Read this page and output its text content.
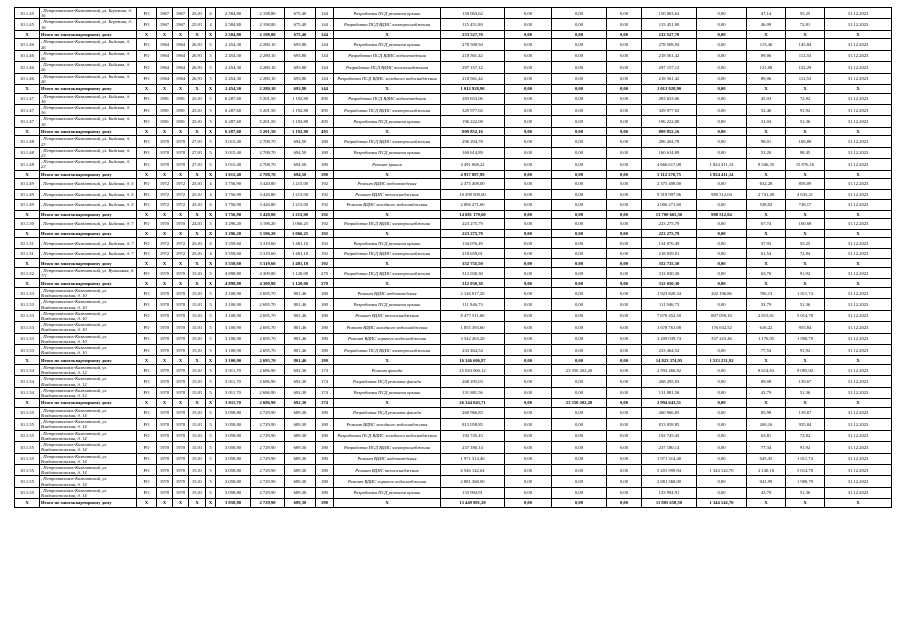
10.1.45	, Петропавловск-Камчатский, ул. Березина, д. 16	РО	1967	1967	25,01	4	2 584,80	2 198,80	675,40	144	Разработка ПСД ремонта крыши	150 063,62	0,00	0,00	0,00	150 063,62	0,00	47,14	55,25	31.12.2023
10.1.45	, Петропавловск-Камчатский, ул. Березина, д. 16	РО	1967	1967	25,01	4	2 584,80	2 198,80	675,40	144	Разработка ПСД ВДИС электроснабжения	115 451,80	0,00	0,00	0,00	115 451,80	0,00	46,09	72,81	31.12.2023
X	Итого по многоквартирному дому	X	X	X	X	X	2 584,80	2 198,80	675,40	144	X	233 527,70	0,00	0,00	0,00	233 527,70	0,00	X	X	X
10.1.46	, Петропавловск-Камчатский, ул. Бийская, д. 26	РО	1964	1964	26,91	5	2 454,30	2 280,10	693,80	144	Разработка ПСД ремонта крыши	278 508,94	0,00	0,00	0,00	278 508,94	0,00	115,46	145,84	31.12.2023
10.1.46	, Петропавловск-Камчатский, ул. Бийская, д. 26	РО	1964	1964	26,91	5	2 454,30	2 280,10	693,80	144	Разработка ПСД ВДИС водоотведения	218 561,42	0,00	0,00	0,00	218 561,42	0,00	89,06	112,53	31.12.2023
10.1.46	, Петропавловск-Камчатский, ул. Бийская, д. 26	РО	1964	1964	26,91	5	2 454,30	2 280,10	693,80	144	Разработка ПСД ВДИС теплоснабжения	297 157,12	0,00	0,00	0,00	297 157,12	0,00	121,08	152,29	31.12.2023
10.1.46	, Петропавловск-Камчатский, ул. Бийская, д. 26	РО	1964	1964	26,91	5	2 454,30	2 280,10	693,80	144	Разработка ПСД ВДИС холодного водоснабжения	218 561,42	0,00	0,00	0,00	218 561,42	0,00	89,06	112,53	31.12.2023
X	Итого по многоквартирному дому	X	X	X	X	X	2 454,30	2 280,10	693,80	144	X	1 012 928,90	0,00	0,00	0,00	1 012 928,90	0,00	X	X	X
10.1.47	, Петропавловск-Камчатский, ул. Бийская, д. 16	РО	1981	1981	25,01	5	6 287,60	5 201,50	1 192,80	495	Разработка ПСД ВДИС водоотведения	283 653,06	0,00	0,00	0,00	283 653,06	0,00	45,03	72,82	31.12.2023
10.1.47	, Петропавловск-Камчатский, ул. Бийская, д. 16	РО	1981	1981	25,01	5	6 287,60	5 201,50	1 192,80	495	Разработка ПСД ВДИС электроснабжения	329 977,02	0,00	0,00	0,00	329 977,02	0,00	52,46	91,92	31.12.2023
10.1.47	, Петропавловск-Камчатский, ул. Бийская, д. 16	РО	1981	1981	25,01	5	6 287,60	5 201,50	1 192,80	495	Разработка ПСД ремонта крыши	196 222,08	0,00	0,00	0,00	196 222,08	0,00	31,04	51,36	31.12.2023
X	Итого по многоквартирному дому	X	X	X	X	X	6 287,60	5 201,50	1 192,80	495	X	809 852,16	0,00	0,00	0,00	809 852,16	0,00	X	X	X
10.1.48	, Петропавловск-Камчатский, ул. Бийская, д. 23	РО	1970	1970	27,01	5	3 015,40	2 708,70	694,50	180	Разработка ПСД ВДИС электроснабжения	296 204,78	0,00	0,00	0,00	296 204,78	0,00	98,01	106,88	31.12.2023
10.1.48	, Петропавловск-Камчатский, ул. Бийская, д. 23	РО	1970	1970	27,01	5	3 015,40	2 708,70	694,50	180	Разработка ПСД ремонта крыши	160 614,89	0,00	0,00	0,00	160 614,89	0,00	53,20	98,45	31.12.2023
10.1.48	, Петропавловск-Камчатский, ул. Бийская, д. 23	РО	1970	1970	27,01	5	3 015,40	2 708,70	694,50	180	Ремонт крыши	4 491 068,22	0,00	0,00	0,00	4 666 617,08	1 824 411,14	8 346,35	15 976,16	31.12.2023
X	Итого по многоквартирному дому	X	X	X	X	X	3 015,40	2 708,70	694,50	180	X	4 937 887,89	0,00	0,00	0,00	5 112 276,75	1 824 411,14	X	X	X
10.1.49	, Петропавловск-Камчатский, ул. Бийская, д. 5	РО	1972	1972	25,01	4	3 756,90	3 420,80	1 215,00	192	Ремонт ВДИС водоотведения	2 375 408,00	0,00	0,00	0,00	2 375 408,00	0,00	632,28	858,09	31.12.2023
10.1.49	, Петропавловск-Камчатский, ул. Бийская, д. 5	РО	1972	1972	25,01	4	3 756,90	3 420,80	1 215,00	192	Ремонт ВДИС теплоснабжения	10 299 500,00	0,00	0,00	0,00	9 318 997,96	980 512,04	2 741,49	4 635,21	31.12.2023
10.1.49	, Петропавловск-Камчатский, ул. Бийская, д. 5	РО	1972	1972	25,01	4	3 756,90	3 420,80	1 215,00	192	Ремонт ВДИС холодного водоснабжения	2 006 271,60	0,00	0,00	0,00	2 006 271,60	0,00	538,02	728,17	31.12.2023
X	Итого по многоквартирному дому	X	X	X	X	X	3 756,90	3 420,80	1 215,00	192	X	14 681 179,60	0,00	0,00	0,00	13 700 665,56	980 512,04	X	X	X
10.1.50	, Петропавловск-Камчатский, ул. Бийская, д. 7	РО	1970	1970	24,01	5	3 296,20	3 196,20	1 066,25	192	Разработка ПСД ВДИС электроснабжения	223 275,79	0,00	0,00	0,00	223 275,79	0,00	67,74	160,68	31.12.2023
X	Итого по многоквартирному дому	X	X	X	X	X	3 296,20	3 196,20	1 066,25	192	X	223 275,79	0,00	0,00	0,00	223 275,79	0,00	X	X	X
10.1.51	, Петропавловск-Камчатский, ул. Бийская, д. 7	РО	1972	1972	25,01	4	3 559,60	3 319,60	1 481,10	192	Разработка ПСД ремонта крыши	134 076,49	0,00	0,00	0,00	134 076,49	0,00	37,93	55,25	31.12.2023
10.1.51	, Петропавловск-Камчатский, ул. Бийская, д. 7	РО	1972	1972	25,01	4	3 559,60	3 319,60	1 481,10	192	Разработка ПСД ВДИС электроснабжения	218 659,01	0,00	0,00	0,00	218 659,01	0,00	61,54	72,84	31.12.2023
X	Итого по многоквартирному дому	X	X	X	X	X	3 559,60	3 319,60	1 481,10	192	X	352 735,50	0,00	0,00	0,00	352 735,50	0,00	X	X	X
10.1.52	, Петропавловск-Камчатский, ул. Вулканная, д. 7/1	РО	1970	1970	15,01	5	4 898,80	4 309,80	1 120,00	270	Разработка ПСД ВДИС электроснабжения	312 030,30	0,00	0,00	0,00	312 030,30	0,00	63,70	91,92	31.12.2023
X	Итого по многоквартирному дому	X	X	X	X	X	4 898,80	4 309,80	1 120,00	270	X	312 030,30	0,00	0,00	0,00	312 030,30	0,00	X	X	X
10.1.53	, Петропавловск-Камчатский, ул. Владивостокская, д. 10	РО	1970	1970	15,01	5	3 100,90	2 695,70	801,46	180	Ремонт ВДИС водоотведения	2 126 017,20	0,00	0,00	0,00	1 923 820,34	202 196,86	706,13	1 011,74	31.12.2023
10.1.53	, Петропавловск-Камчатский, ул. Владивостокская, д. 10	РО	1970	1970	15,01	5	3 100,90	2 695,70	801,46	180	Разработка ПСД ремонта крыши	111 946,73	0,00	0,00	0,00	111 946,73	0,00	33,79	51,36	31.12.2023
10.1.53	, Петропавловск-Камчатский, ул. Владивостокская, д. 10	РО	1970	1970	15,01	5	3 100,90	2 695,70	801,46	180	Ремонт ВДИС теплоснабжения	8 477 511,60	0,00	0,00	0,00	7 670 452,50	807 059,10	2 815,01	5 014,78	31.12.2023
10.1.53	, Петропавловск-Камчатский, ул. Владивостокская, д. 10	РО	1970	1970	15,01	5	3 100,90	2 695,70	801,46	180	Ремонт ВДИС холодного водоснабжения	1 855 393,60	0,00	0,00	0,00	1 678 761,08	176 632,52	616,22	955,84	31.12.2023
10.1.53	, Петропавловск-Камчатский, ул. Владивостокская, д. 10	РО	1970	1970	15,01	5	3 100,90	2 695,70	801,46	180	Ремонт ВДИС горячего водоснабжения	3 542 263,20	0,00	0,00	0,00	3 209 039,74	337 223,46	1 176,05	1 900,79	31.12.2023
10.1.53	, Петропавловск-Камчатский, ул. Владивостокская, д. 10	РО	1970	1970	15,01	5	3 100,90	2 695,70	801,46	180	Разработка ПСД ВДИС электроснабжения	233 464,54	0,00	0,00	0,00	233 464,54	0,00	77,54	91,92	31.12.2023
X	Итого по многоквартирному дому	X	X	X	X	X	3 100,90	2 695,70	801,46	180	X	16 346 606,87	0,00	0,00	0,00	14 823 374,95	1 523 231,92	X	X	X
10.1.54	, Петропавловск-Камчатский, ул. Владивостокская, д. 12	РО	1970	1970	15,01	5	3 011,70	2 686,90	692,30	174	Ремонт фасада	25 943 060,12	0,00	23 350 202,20	0,00	2 594 466,92	0,00	8 614,63	9 085,02	31.12.2023
10.1.54	, Петропавловск-Камчатский, ул. Владивостокская, д. 12	РО	1970	1970	15,01	5	3 011,70	2 686,90	692,30	174	Разработка ПСД ремонта фасада	268 295,03	0,00	0,00	0,00	268 295,03	0,00	89,08	139,67	31.12.2023
10.1.54	, Петропавловск-Камчатский, ул. Владивостокская, д. 12	РО	1970	1970	15,01	5	3 011,70	2 686,90	692,30	174	Разработка ПСД ремонта крыши	131 881,56	0,00	0,00	0,00	131 881,56	0,00	43,79	51,36	31.12.2023
X	Итого по многоквартирному дому	X	X	X	X	X	3 011,70	2 686,90	692,30	174	X	26 344 045,71	0,00	23 350 202,20	0,00	2 994 643,51	0,00	X	X	X
10.1.55	, Петропавловск-Камчатский, ул. Владивостокская, д. 14	РО	1970	1970	15,01	5	3 058,80	2 729,90	689,30	180	Разработка ПСД ремонта фасада	260 966,83	0,00	0,00	0,00	260 966,83	0,00	85,98	139,67	31.12.2023
10.1.55	, Петропавловск-Камчатский, ул. Владивостокская, д. 14	РО	1970	1970	15,01	5	3 058,80	2 729,90	689,30	180	Ремонт ВДИС холодного водоснабжения	813 058,85	0,00	0,00	0,00	813 058,85	0,00	269,16	955,84	31.12.2023
10.1.55	, Петропавловск-Камчатский, ул. Владивостокская, д. 14	РО	1970	1970	15,01	5	3 058,80	2 729,90	689,30	180	Разработка ПСД ВДИС холодного водоснабжения	192 745,43	0,00	0,00	0,00	192 745,43	0,00	63,81	72,82	31.12.2023
10.1.55	, Петропавловск-Камчатский, ул. Владивостокская, д. 14	РО	1970	1970	15,01	5	3 058,80	2 729,90	689,30	180	Разработка ПСД ВДИС электроснабжения	237 180,14	0,00	0,00	0,00	237 180,14	0,00	77,34	91,92	31.12.2023
10.1.55	, Петропавловск-Камчатский, ул. Владивостокская, д. 14	РО	1970	1970	15,01	5	3 058,80	2 729,90	689,30	180	Ремонт ВДИС водоотведения	1 971 314,40	0,00	0,00	0,00	1 971 314,40	0,00	645,45	1 011,74	31.12.2023
10.1.55	, Петропавловск-Камчатский, ул. Владивостокская, д. 14	РО	1970	1970	15,01	5	3 058,80	2 729,90	689,30	180	Ремонт ВДИС теплоснабжения	6 546 142,64	0,00	0,00	0,00	5 201 999,94	1 344 142,70	2 140,10	5 014,78	31.12.2023
10.1.55	, Петропавловск-Камчатский, ул. Владивостокская, д. 14	РО	1970	1970	15,01	5	3 058,80	2 729,90	689,30	180	Ремонт ВДИС горячего водоснабжения	2 881 368,00	0,00	0,00	0,00	2 881 368,00	0,00	941,99	1 900,79	31.12.2023
10.1.55	, Петропавловск-Камчатский, ул. Владивостокская, д. 14	РО	1970	1970	15,01	5	3 058,80	2 729,90	689,30	180	Разработка ПСД ремонта крыши	133 994,91	0,00	0,00	0,00	133 994,91	0,00	43,79	51,36	31.12.2023
X	Итого по многоквартирному дому	X	X	X	X	X	3 058,80	2 729,90	689,30	180	X	13 449 801,20	0,00	0,00	0,00	11 805 658,50	1 344 142,70	X	X	X
